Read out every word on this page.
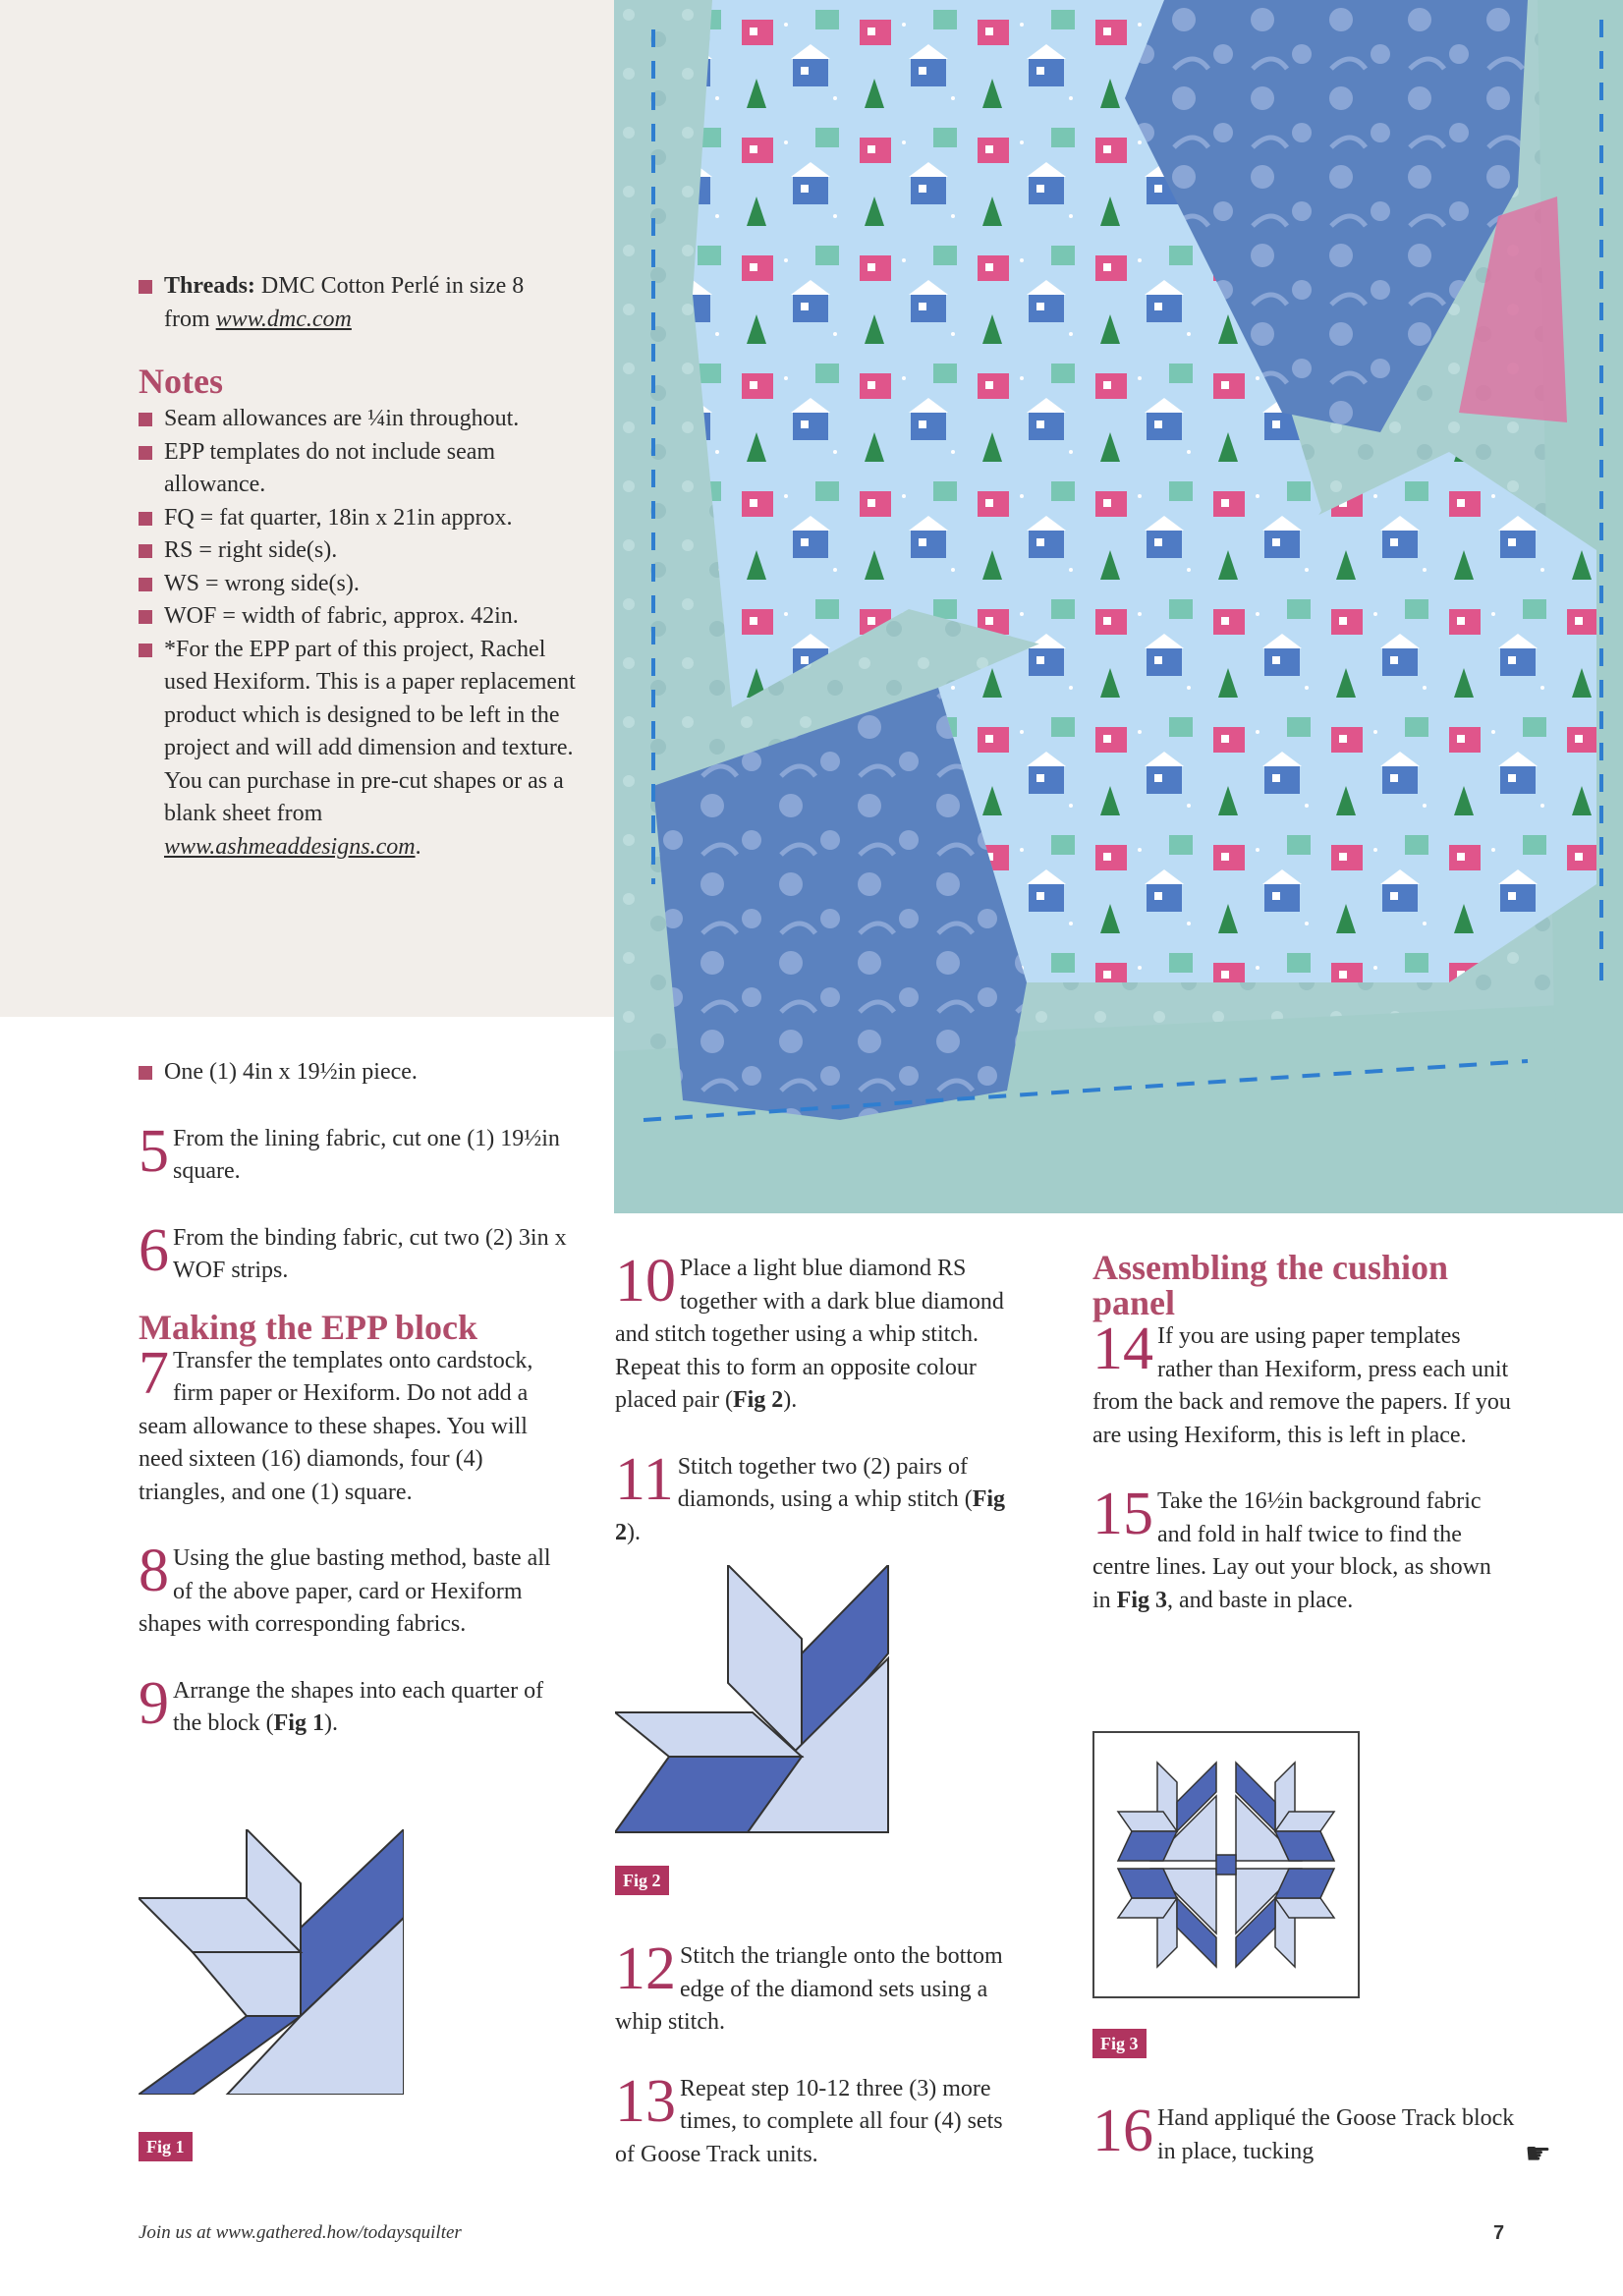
Threads: DMC Cotton Perlé in size 8 from www.dmc.com

Notes

Seam allowances are ¼in throughout.

EPP templates do not include seam allowance.

FQ = fat quarter, 18in x 21in approx.

RS = right side(s).

WS = wrong side(s).

WOF = width of fabric, approx. 42in.

*For the EPP part of this project, Rachel used Hexiform. This is a paper replacement product which is designed to be left in the project and will add dimension and texture. You can purchase in pre-cut shapes or as a blank sheet from www.ashmeaddesigns.com.

One (1) 4in x 19½in piece.

5 From the lining fabric, cut one (1) 19½in square.

6 From the binding fabric, cut two (2) 3in x WOF strips.

Making the EPP block

7 Transfer the templates onto cardstock, firm paper or Hexiform. Do not add a seam allowance to these shapes. You will need sixteen (16) diamonds, four (4) triangles, and one (1) square.

8 Using the glue basting method, baste all of the above paper, card or Hexiform shapes with corresponding fabrics.

9 Arrange the shapes into each quarter of the block (Fig 1).

Fig 1

10 Place a light blue diamond RS together with a dark blue diamond and stitch together using a whip stitch. Repeat this to form an opposite colour placed pair (Fig 2).

11 Stitch together two (2) pairs of diamonds, using a whip stitch (Fig 2).

Fig 2

12 Stitch the triangle onto the bottom edge of the diamond sets using a whip stitch.

13 Repeat step 10-12 three (3) more times, to complete all four (4) sets of Goose Track units.

Assembling the cushion panel

14 If you are using paper templates rather than Hexiform, press each unit from the back and remove the papers. If you are using Hexiform, this is left in place.

15 Take the 16½in background fabric and fold in half twice to find the centre lines. Lay out your block, as shown in Fig 3, and baste in place.

Fig 3

16 Hand appliqué the Goose Track block in place, tucking	☛
Join us at www.gathered.how/todaysquilter	7
